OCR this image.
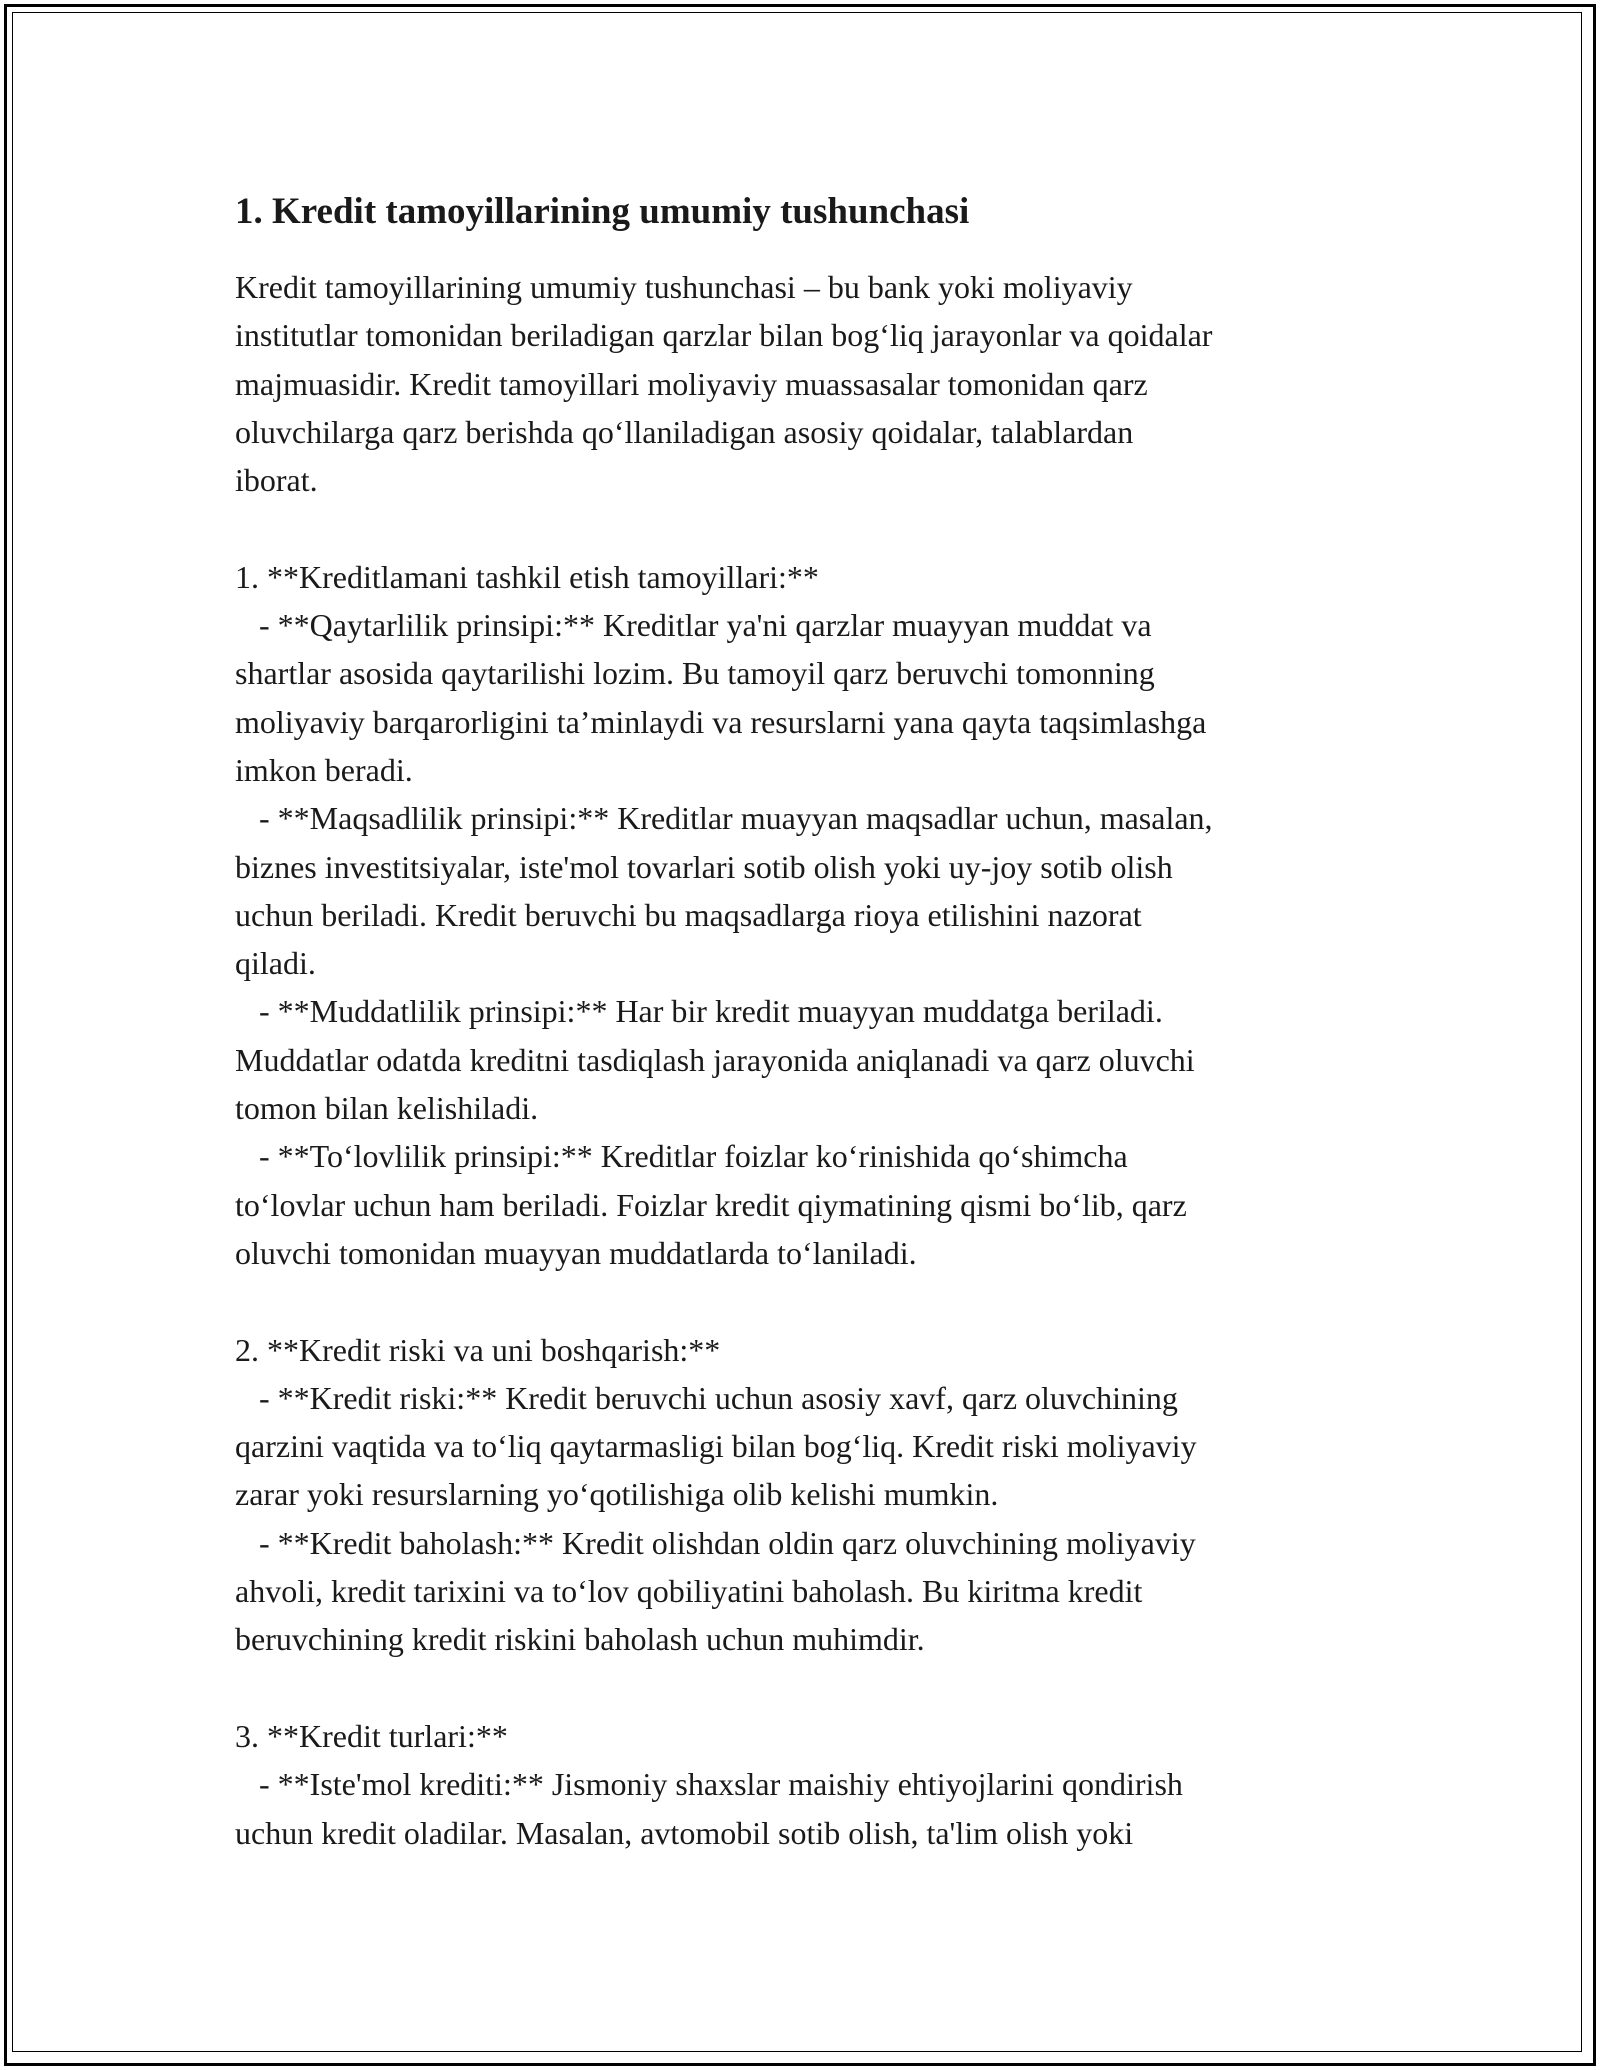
1. Kredit tamoyillarining umumiy tushunchasi
Kredit tamoyillarining umumiy tushunchasi – bu bank yoki moliyaviy
institutlar tomonidan beriladigan qarzlar bilan bog‘liq jarayonlar va qoidalar
majmuasidir. Kredit tamoyillari moliyaviy muassasalar tomonidan qarz
oluvchilarga qarz berishda qo‘llaniladigan asosiy qoidalar, talablardan
iborat.
1. **Kreditlamani tashkil etish tamoyillari:**
- **Qaytarlilik prinsipi:** Kreditlar ya'ni qarzlar muayyan muddat va
shartlar asosida qaytarilishi lozim. Bu tamoyil qarz beruvchi tomonning
moliyaviy barqarorligini ta’minlaydi va resurslarni yana qayta taqsimlashga
imkon beradi.
- **Maqsadlilik prinsipi:** Kreditlar muayyan maqsadlar uchun, masalan,
biznes investitsiyalar, iste'mol tovarlari sotib olish yoki uy-joy sotib olish
uchun beriladi. Kredit beruvchi bu maqsadlarga rioya etilishini nazorat
qiladi.
- **Muddatlilik prinsipi:** Har bir kredit muayyan muddatga beriladi.
Muddatlar odatda kreditni tasdiqlash jarayonida aniqlanadi va qarz oluvchi
tomon bilan kelishiladi.
- **To‘lovlilik prinsipi:** Kreditlar foizlar ko‘rinishida qo‘shimcha
to‘lovlar uchun ham beriladi. Foizlar kredit qiymatining qismi bo‘lib, qarz
oluvchi tomonidan muayyan muddatlarda to‘laniladi.
2. **Kredit riski va uni boshqarish:**
- **Kredit riski:** Kredit beruvchi uchun asosiy xavf, qarz oluvchining
qarzini vaqtida va to‘liq qaytarmasligi bilan bog‘liq. Kredit riski moliyaviy
zarar yoki resurslarning yo‘qotilishiga olib kelishi mumkin.
- **Kredit baholash:** Kredit olishdan oldin qarz oluvchining moliyaviy
ahvoli, kredit tarixini va to‘lov qobiliyatini baholash. Bu kiritma kredit
beruvchining kredit riskini baholash uchun muhimdir.
3. **Kredit turlari:**
- **Iste'mol krediti:** Jismoniy shaxslar maishiy ehtiyojlarini qondirish
uchun kredit oladilar. Masalan, avtomobil sotib olish, ta'lim olish yoki
